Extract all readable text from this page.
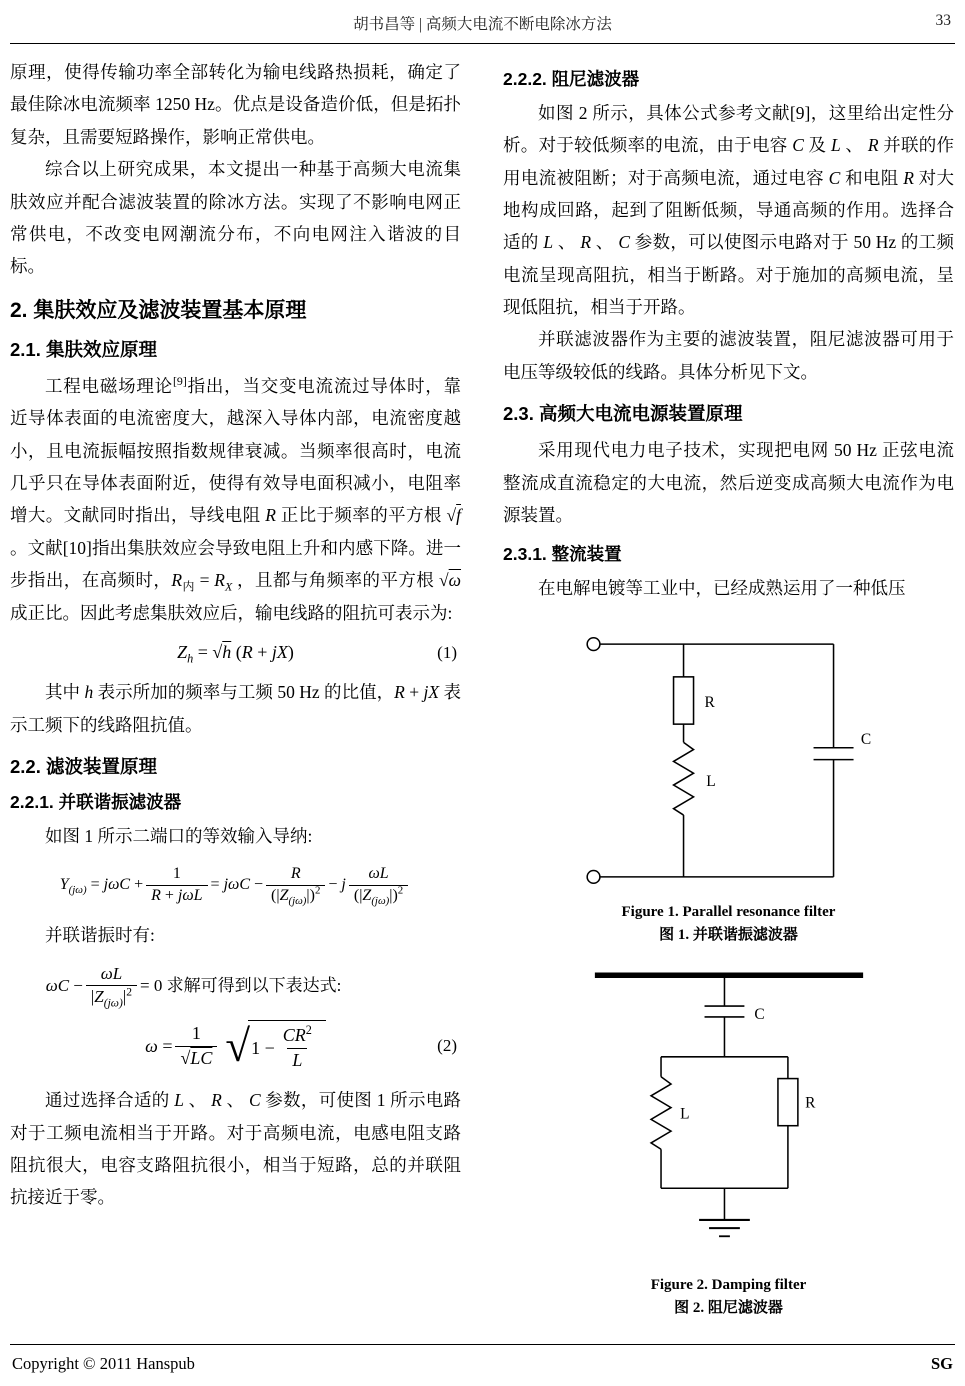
胡书昌等 | 高频大电流不断电除冰方法	33

原理，使得传输功率全部转化为输电线路热损耗，确定了最佳除冰电流频率 1250 Hz。优点是设备造价低，但是拓扑复杂，且需要短路操作，影响正常供电。

综合以上研究成果，本文提出一种基于高频大电流集肤效应并配合滤波装置的除冰方法。实现了不影响电网正常供电，不改变电网潮流分布，不向电网注入谐波的目标。

2. 集肤效应及滤波装置基本原理
2.1. 集肤效应原理

工程电磁场理论[9]指出，当交变电流流过导体时，靠近导体表面的电流密度大，越深入导体内部，电流密度越小，且电流振幅按照指数规律衰减。当频率很高时，电流几乎只在导体表面附近，使得有效导电面积减小，电阻率增大。文献同时指出，导线电阻 R 正比于频率的平方根 √f 。文献[10]指出集肤效应会导致电阻上升和内感下降。进一步指出，在高频时，$R_内 = R_X$ ，且都与角频率的平方根 √ω 成正比。因此考虑集肤效应后，输电线路的阻抗可表示为:

$Z_h = √h$ (R + jX)	(1)

其中 h 表示所加的频率与工频 50 Hz 的比值，R + jX 表示工频下的线路阻抗值。

2.2. 滤波装置原理
2.2.1. 并联谐振滤波器

如图 1 所示二端口的等效输入导纳:

$Y_{(j\omega)} = j\omega C + \frac{1}{\text{R + jωL}} = j\omega C - \frac{R}{(|Z_{(j\omega)}|)^2} - j \frac{\omega L}{(|Z_{(j\omega)}|)^2}$

并联谐振时有:

$\omega C - \frac{\omega L}{|Z_{(j\omega)}|^2} = 0$ 求解可得到以下表达式:
$\omega = \frac{1}{√LC}$ √ $1 - \frac{CR^2}{L}$	(2)

通过选择合适的 L 、 R 、 C 参数，可使图 1 所示电路对于工频电流相当于开路。对于高频电流，电感电阻支路阻抗很大，电容支路阻抗很小，相当于短路，总的并联阻抗接近于零。

2.2.2. 阻尼滤波器

如图 2 所示，具体公式参考文献[9]，这里给出定性分析。对于较低频率的电流，由于电容 C 及 L 、 R 并联的作用电流被阻断；对于高频电流，通过电容 C 和电阻 R 对大地构成回路，起到了阻断低频，导通高频的作用。选择合适的 L 、 R 、 C 参数，可以使图示电路对于 50 Hz 的工频电流呈现高阻抗，相当于断路。对于施加的高频电流，呈现低阻抗，相当于开路。

并联滤波器作为主要的滤波装置，阻尼滤波器可用于电压等级较低的线路。具体分析见下文。

2.3. 高频大电流电源装置原理

采用现代电力电子技术，实现把电网 50 Hz 正弦电流整流成直流稳定的大电流，然后逆变成高频大电流作为电源装置。

2.3.1. 整流装置

在电解电镀等工业中，已经成熟运用了一种低压

R
L
C
Figure 1. Parallel resonance filter
图 1. 并联谐振滤波器
C
L
R
Figure 2. Damping filter
图 2. 阻尼滤波器
Copyright © 2011 Hanspub	SG
